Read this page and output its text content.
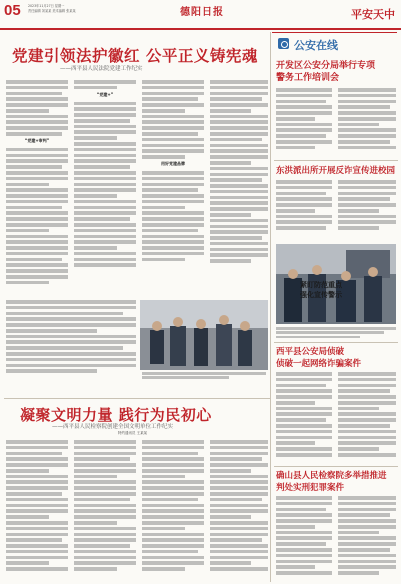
05 2023年11月27日 星期一
责任编辑 刘某某 美术编辑 张某某	德阳日报	平安天中
党建引领法护徽红 公平正义铸宪魂
——西平县人民法院党建工作纪实
“党建+审判”
“党建+”
用好党建品牌
凝聚文明力量 践行为民初心
——西平县人民检察院创建全国文明单位工作纪实
特约通讯员 王某某
公安在线
开发区公安分局举行专项
警务工作培训会
东洪派出所开展反诈宣传进校园
紧盯防范重点
强化宣传警示
西平县公安局侦破
侦破一起网络诈骗案件
确山县人民检察院多举措推进
判处实刑犯罪案件
